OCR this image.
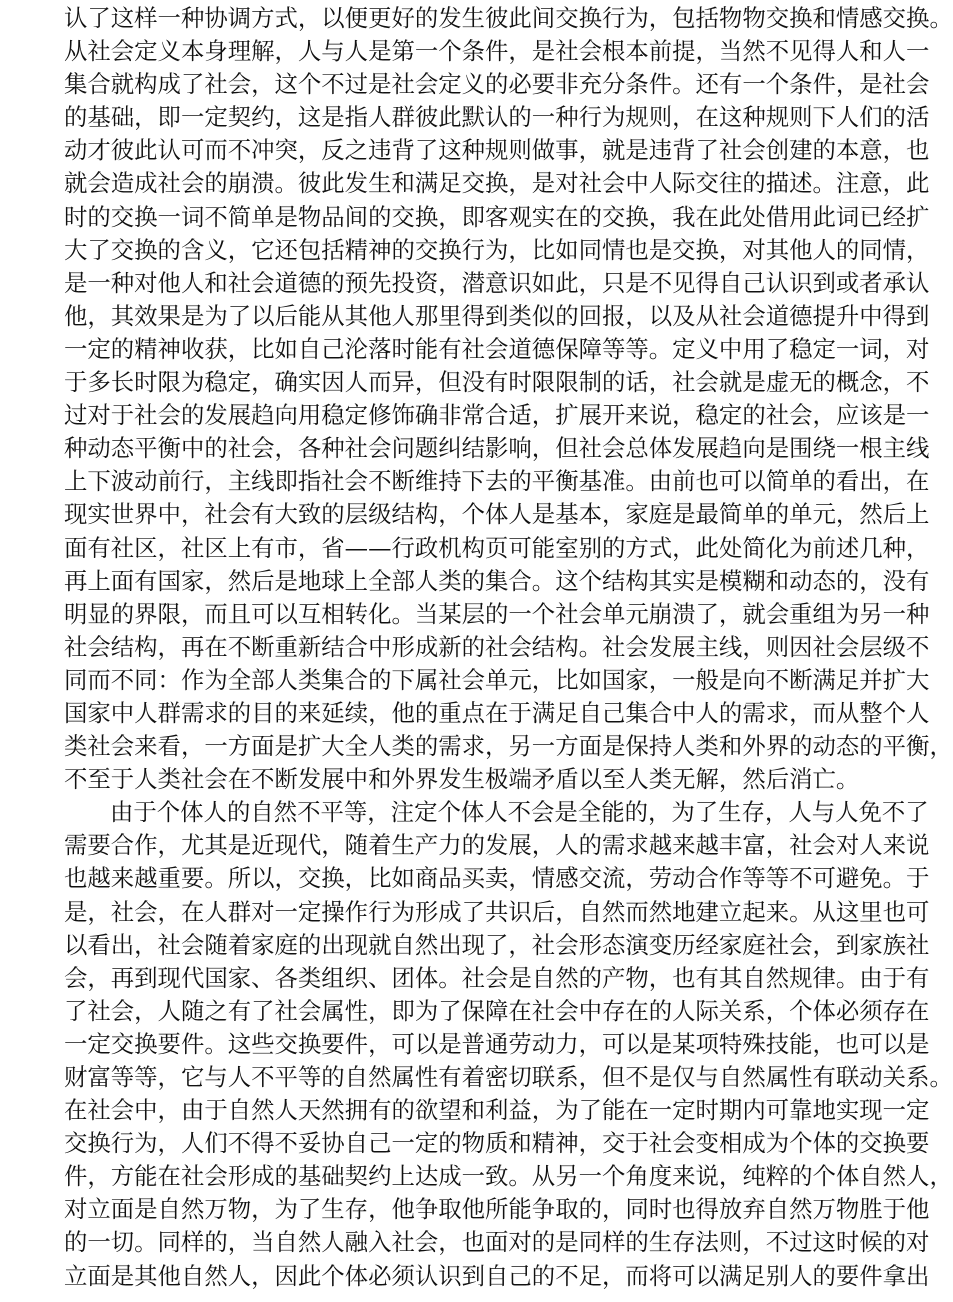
认了这样一种协调方式，以便更好的发生彼此间交换行为，包括物物交换和情感交换。
从社会定义本身理解，人与人是第一个条件，是社会根本前提，当然不见得人和人一
集合就构成了社会，这个不过是社会定义的必要非充分条件。还有一个条件，是社会
的基础，即一定契约，这是指人群彼此默认的一种行为规则，在这种规则下人们的活
动才彼此认可而不冲突，反之违背了这种规则做事，就是违背了社会创建的本意，也
就会造成社会的崩溃。彼此发生和满足交换，是对社会中人际交往的描述。注意，此
时的交换一词不简单是物品间的交换，即客观实在的交换，我在此处借用此词已经扩
大了交换的含义，它还包括精神的交换行为，比如同情也是交换，对其他人的同情，
是一种对他人和社会道德的预先投资，潜意识如此，只是不见得自己认识到或者承认
他，其效果是为了以后能从其他人那里得到类似的回报，以及从社会道德提升中得到
一定的精神收获，比如自己沦落时能有社会道德保障等等。定义中用了稳定一词，对
于多长时限为稳定，确实因人而异，但没有时限限制的话，社会就是虚无的概念，不
过对于社会的发展趋向用稳定修饰确非常合适，扩展开来说，稳定的社会，应该是一
种动态平衡中的社会，各种社会问题纠结影响，但社会总体发展趋向是围绕一根主线
上下波动前行，主线即指社会不断维持下去的平衡基准。由前也可以简单的看出，在
现实世界中，社会有大致的层级结构，个体人是基本，家庭是最简单的单元，然后上
面有社区，社区上有市，省——行政机构页可能室别的方式，此处简化为前述几种，
再上面有国家，然后是地球上全部人类的集合。这个结构其实是模糊和动态的，没有
明显的界限，而且可以互相转化。当某层的一个社会单元崩溃了，就会重组为另一种
社会结构，再在不断重新结合中形成新的社会结构。社会发展主线，则因社会层级不
同而不同：作为全部人类集合的下属社会单元，比如国家，一般是向不断满足并扩大
国家中人群需求的目的来延续，他的重点在于满足自己集合中人的需求，而从整个人
类社会来看，一方面是扩大全人类的需求，另一方面是保持人类和外界的动态的平衡，
不至于人类社会在不断发展中和外界发生极端矛盾以至人类无解，然后消亡。
由于个体人的自然不平等，注定个体人不会是全能的，为了生存，人与人免不了
需要合作，尤其是近现代，随着生产力的发展，人的需求越来越丰富，社会对人来说
也越来越重要。所以，交换，比如商品买卖，情感交流，劳动合作等等不可避免。于
是，社会，在人群对一定操作行为形成了共识后，自然而然地建立起来。从这里也可
以看出，社会随着家庭的出现就自然出现了，社会形态演变历经家庭社会，到家族社
会，再到现代国家、各类组织、团体。社会是自然的产物，也有其自然规律。由于有
了社会，人随之有了社会属性，即为了保障在社会中存在的人际关系，个体必须存在
一定交换要件。这些交换要件，可以是普通劳动力，可以是某项特殊技能，也可以是
财富等等，它与人不平等的自然属性有着密切联系，但不是仅与自然属性有联动关系。
在社会中，由于自然人天然拥有的欲望和利益，为了能在一定时期内可靠地实现一定
交换行为，人们不得不妥协自己一定的物质和精神，交于社会变相成为个体的交换要
件，方能在社会形成的基础契约上达成一致。从另一个角度来说，纯粹的个体自然人，
对立面是自然万物，为了生存，他争取他所能争取的，同时也得放弃自然万物胜于他
的一切。同样的，当自然人融入社会，也面对的是同样的生存法则，不过这时候的对
立面是其他自然人，因此个体必须认识到自己的不足，而将可以满足别人的要件拿出
